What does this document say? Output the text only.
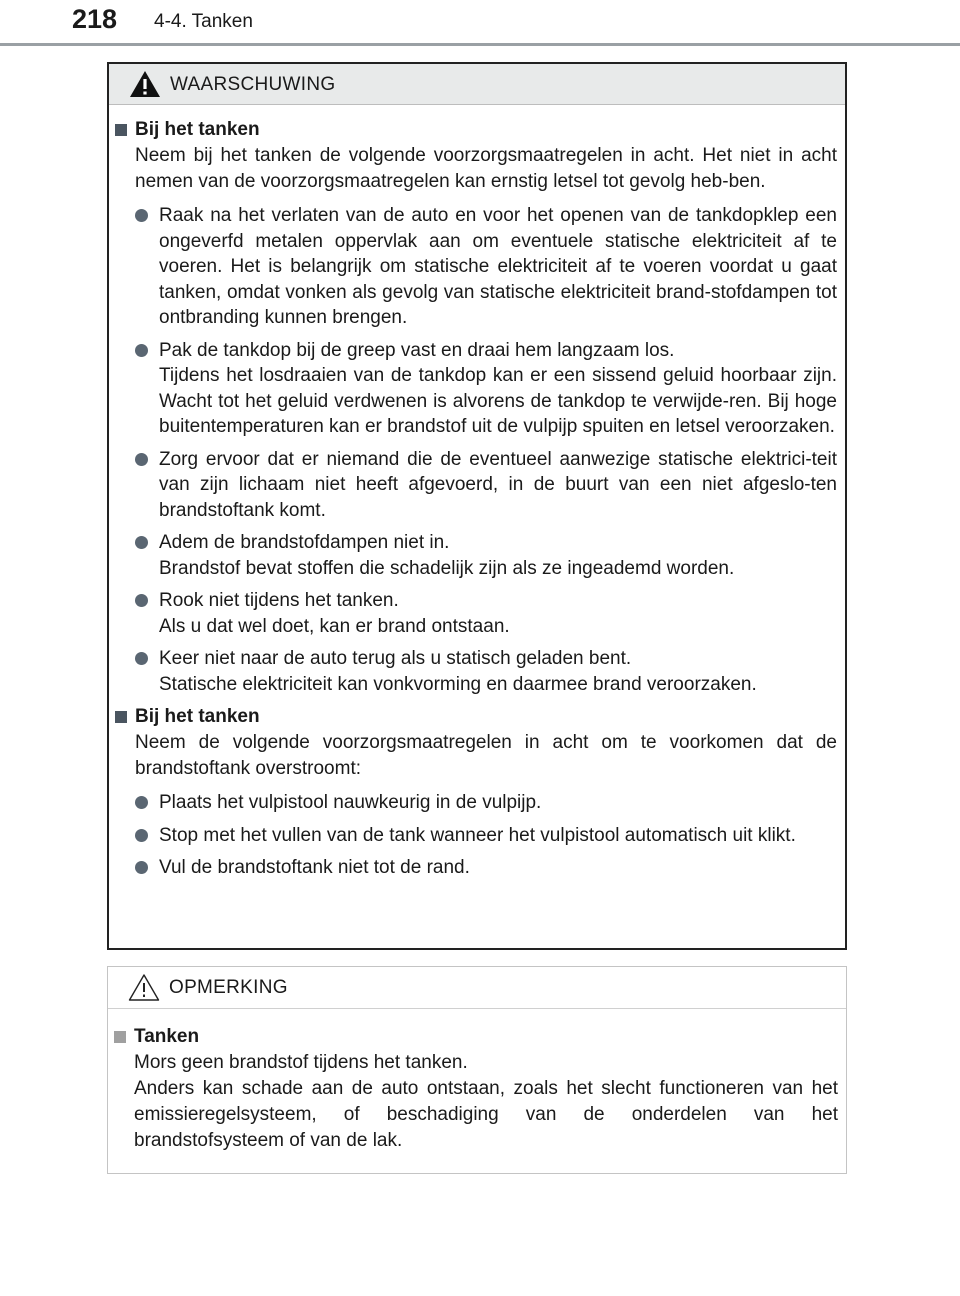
218 4-4. Tanken
WAARSCHUWING

Bij het tanken

Neem bij het tanken de volgende voorzorgsmaatregelen in acht. Het niet in acht nemen van de voorzorgsmaatregelen kan ernstig letsel tot gevolg heb-ben.

Raak na het verlaten van de auto en voor het openen van de tankdopklep een ongeverfd metalen oppervlak aan om eventuele statische elektriciteit af te voeren. Het is belangrijk om statische elektriciteit af te voeren voordat u gaat tanken, omdat vonken als gevolg van statische elektriciteit brand-stofdampen tot ontbranding kunnen brengen.
Pak de tankdop bij de greep vast en draai hem langzaam los.
Tijdens het losdraaien van de tankdop kan er een sissend geluid hoorbaar zijn. Wacht tot het geluid verdwenen is alvorens de tankdop te verwijde-ren. Bij hoge buitentemperaturen kan er brandstof uit de vulpijp spuiten en letsel veroorzaken.
Zorg ervoor dat er niemand die de eventueel aanwezige statische elektrici-teit van zijn lichaam niet heeft afgevoerd, in de buurt van een niet afgeslo-ten brandstoftank komt.
Adem de brandstofdampen niet in.
Brandstof bevat stoffen die schadelijk zijn als ze ingeademd worden.
Rook niet tijdens het tanken.
Als u dat wel doet, kan er brand ontstaan.
Keer niet naar de auto terug als u statisch geladen bent.
Statische elektriciteit kan vonkvorming en daarmee brand veroorzaken.

Bij het tanken

Neem de volgende voorzorgsmaatregelen in acht om te voorkomen dat de brandstoftank overstroomt:

Plaats het vulpistool nauwkeurig in de vulpijp.
Stop met het vullen van de tank wanneer het vulpistool automatisch uit klikt.
Vul de brandstoftank niet tot de rand.
OPMERKING

Tanken

Mors geen brandstof tijdens het tanken.

Anders kan schade aan de auto ontstaan, zoals het slecht functioneren van het emissieregelsysteem, of beschadiging van de onderdelen van het brandstofsysteem of van de lak.
